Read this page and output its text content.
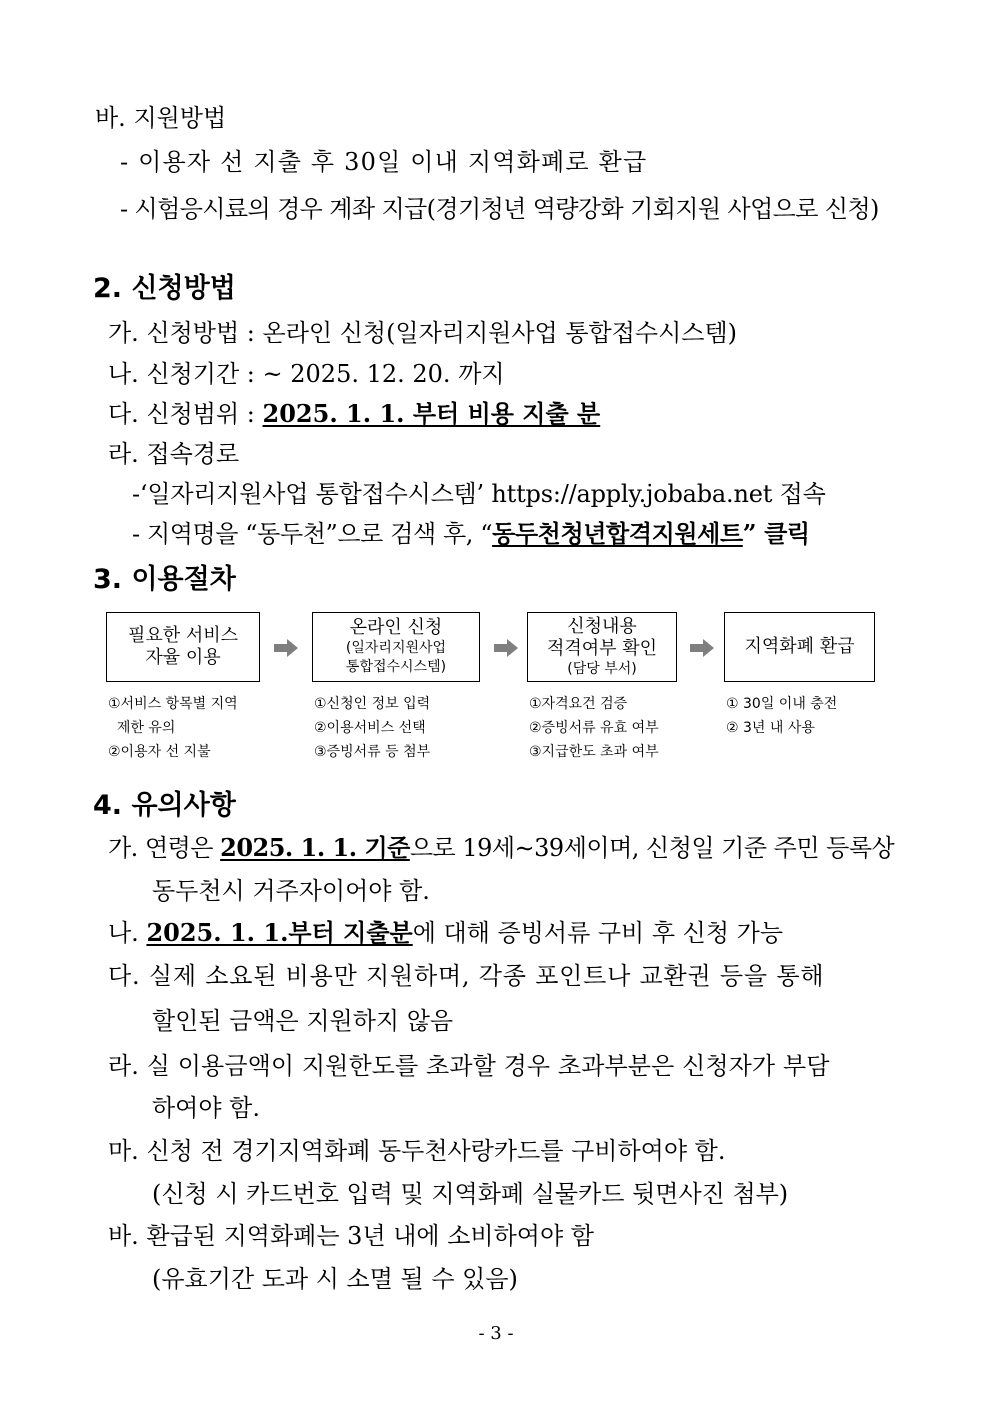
바. 지원방법
- 이용자 선 지출 후 30일 이내 지역화폐로 환급
- 시험응시료의 경우 계좌 지급(경기청년 역량강화 기회지원 사업으로 신청)
2. 신청방법
가. 신청방법 : 온라인 신청(일자리지원사업 통합접수시스템)
나. 신청기간 : ~ 2025. 12. 20. 까지
다. 신청범위 : 2025. 1. 1. 부터 비용 지출 분
라. 접속경로
-‘일자리지원사업 통합접수시스템’ https://apply.jobaba.net 접속
- 지역명을 “동두천”으로 검색 후, “동두천청년합격지원세트” 클릭
3. 이용절차
필요한 서비스
자율 이용
온라인 신청
(일자리지원사업
통합접수시스템)
신청내용
적격여부 확인
(담당 부서)
지역화폐 환급
①서비스 항목별 지역
제한 유의
②이용자 선 지불
①신청인 정보 입력
②이용서비스 선택
③증빙서류 등 첨부
①자격요건 검증
②증빙서류 유효 여부
③지급한도 초과 여부
① 30일 이내 충전
② 3년 내 사용
4. 유의사항
가. 연령은 2025. 1. 1. 기준으로 19세∼39세이며, 신청일 기준 주민 등록상
동두천시 거주자이어야 함.
나. 2025. 1. 1.부터 지출분에 대해 증빙서류 구비 후 신청 가능
다. 실제 소요된 비용만 지원하며, 각종 포인트나 교환권 등을 통해
할인된 금액은 지원하지 않음
라. 실 이용금액이 지원한도를 초과할 경우 초과부분은 신청자가 부담
하여야 함.
마. 신청 전 경기지역화폐 동두천사랑카드를 구비하여야 함.
(신청 시 카드번호 입력 및 지역화폐 실물카드 뒷면사진 첨부)
바. 환급된 지역화폐는 3년 내에 소비하여야 함
(유효기간 도과 시 소멸 될 수 있음)
- 3 -
